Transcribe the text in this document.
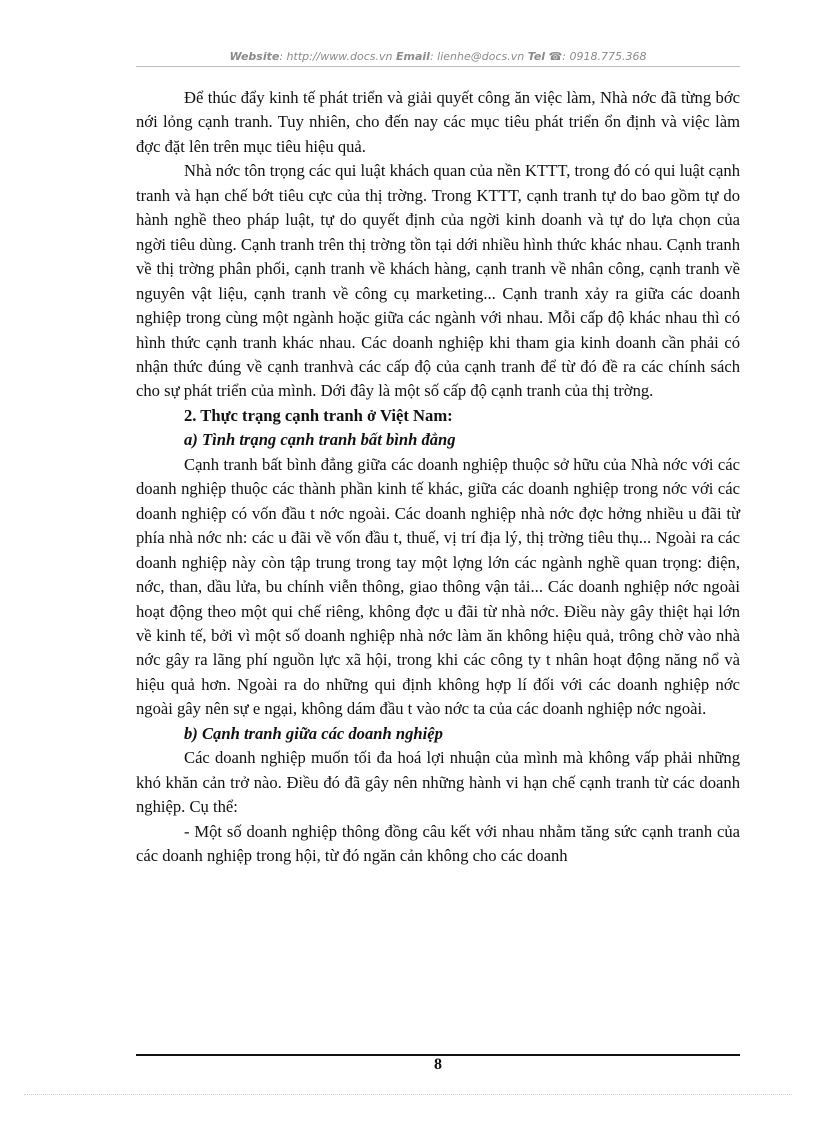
Website: http://www.docs.vn Email: lienhe@docs.vn Tel ☎: 0918.775.368

Để thúc đẩy kinh tế phát triển và giải quyết công ăn việc làm, Nhà nớc đã từng bớc nới lỏng cạnh tranh. Tuy nhiên, cho đến nay các mục tiêu phát triển ổn định và việc làm đợc đặt lên trên mục tiêu hiệu quả.

Nhà nớc tôn trọng các qui luật khách quan của nền KTTT, trong đó có qui luật cạnh tranh và hạn chế bớt tiêu cực của thị trờng. Trong KTTT, cạnh tranh tự do bao gồm tự do hành nghề theo pháp luật, tự do quyết định của ngời kinh doanh và tự do lựa chọn của ngời tiêu dùng. Cạnh tranh trên thị trờng tồn tại dới nhiều hình thức khác nhau. Cạnh tranh về thị trờng phân phối, cạnh tranh về khách hàng, cạnh tranh về nhân công, cạnh tranh về nguyên vật liệu, cạnh tranh về công cụ marketing... Cạnh tranh xảy ra giữa các doanh nghiệp trong cùng một ngành hoặc giữa các ngành với nhau. Mỗi cấp độ khác nhau thì có hình thức cạnh tranh khác nhau. Các doanh nghiệp khi tham gia kinh doanh cần phải có nhận thức đúng về cạnh tranhvà các cấp độ của cạnh tranh để từ đó đề ra các chính sách cho sự phát triển của mình. Dới đây là một số cấp độ cạnh tranh của thị trờng.

2. Thực trạng cạnh tranh ở Việt Nam:

a) Tình trạng cạnh tranh bất bình đẳng

Cạnh tranh bất bình đẳng giữa các doanh nghiệp thuộc sở hữu của Nhà nớc với các doanh nghiệp thuộc các thành phần kinh tế khác, giữa các doanh nghiệp trong nớc với các doanh nghiệp có vốn đầu t nớc ngoài. Các doanh nghiệp nhà nớc đợc hởng nhiều u đãi từ phía nhà nớc nh: các u đãi về vốn đầu t, thuế, vị trí địa lý, thị trờng tiêu thụ... Ngoài ra các doanh nghiệp này còn tập trung trong tay một lợng lớn các ngành nghề quan trọng: điện, nớc, than, dầu lửa, bu chính viễn thông, giao thông vận tải... Các doanh nghiệp nớc ngoài hoạt động theo một qui chế riêng, không đợc u đãi từ nhà nớc. Điều này gây thiệt hại lớn về kinh tế, bởi vì một số doanh nghiệp nhà nớc làm ăn không hiệu quả, trông chờ vào nhà nớc gây ra lãng phí nguồn lực xã hội, trong khi các công ty t nhân hoạt động năng nổ và hiệu quả hơn. Ngoài ra do những qui định không hợp lí đối với các doanh nghiệp nớc ngoài gây nên sự e ngại, không dám đầu t vào nớc ta của các doanh nghiệp nớc ngoài.

b) Cạnh tranh giữa các doanh nghiệp

Các doanh nghiệp muốn tối đa hoá lợi nhuận của mình mà không vấp phải những khó khăn cản trở nào. Điều đó đã gây nên những hành vi hạn chế cạnh tranh từ các doanh nghiệp. Cụ thể:

- Một số doanh nghiệp thông đồng câu kết với nhau nhằm tăng sức cạnh tranh của các doanh nghiệp trong hội, từ đó ngăn cản không cho các doanh

8
